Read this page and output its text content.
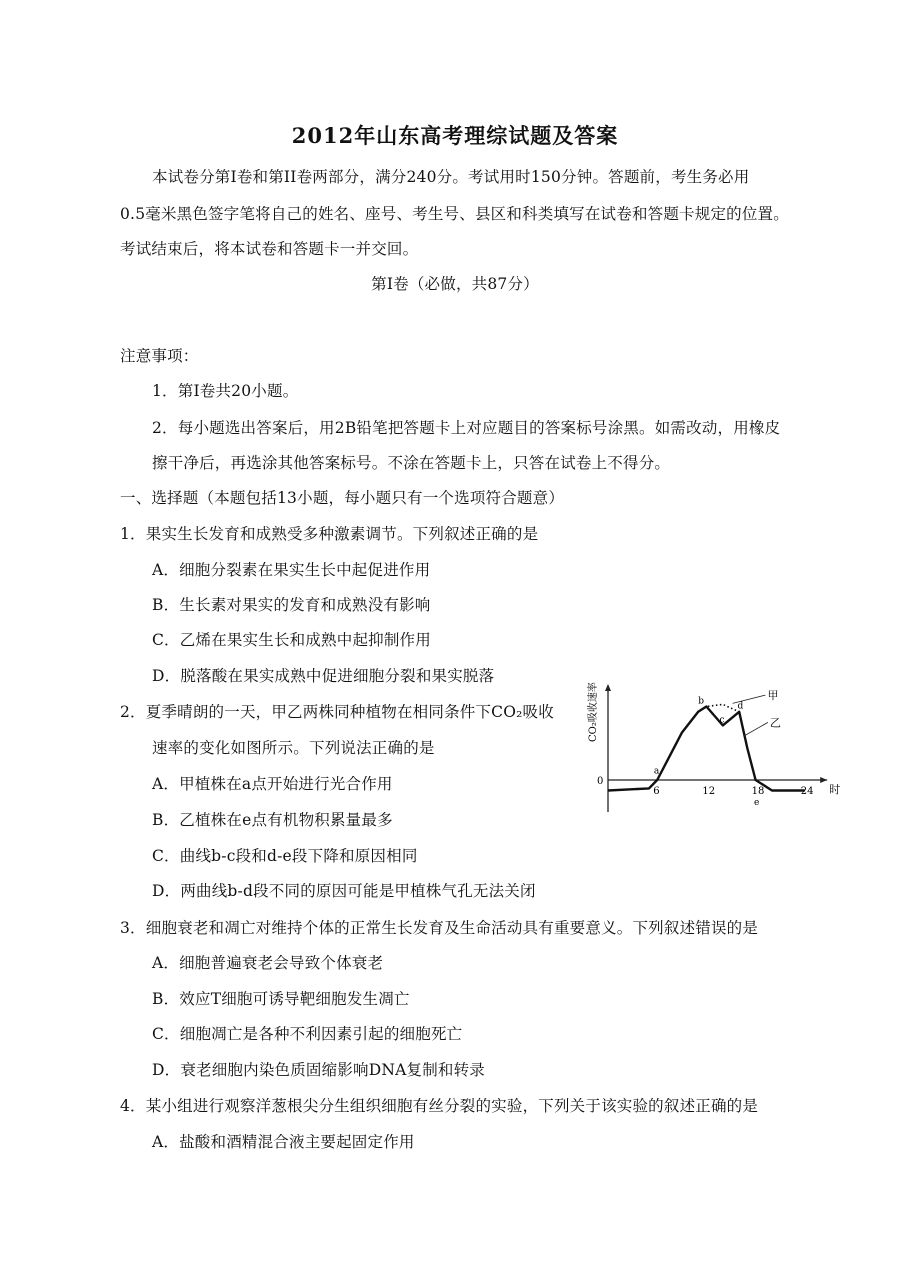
2012年山东高考理综试题及答案
本试卷分第I卷和第II卷两部分，满分240分。考试用时150分钟。答题前，考生务必用
0.5毫米黑色签字笔将自己的姓名、座号、考生号、县区和科类填写在试卷和答题卡规定的位置。
考试结束后，将本试卷和答题卡一并交回。
第I卷（必做，共87分）
注意事项：
1．第I卷共20小题。
2．每小题选出答案后，用2B铅笔把答题卡上对应题目的答案标号涂黑。如需改动，用橡皮
擦干净后，再选涂其他答案标号。不涂在答题卡上，只答在试卷上不得分。
一、选择题（本题包括13小题，每小题只有一个选项符合题意）
1．果实生长发育和成熟受多种激素调节。下列叙述正确的是
A．细胞分裂素在果实生长中起促进作用
B．生长素对果实的发育和成熟没有影响
C．乙烯在果实生长和成熟中起抑制作用
D．脱落酸在果实成熟中促进细胞分裂和果实脱落
2．夏季晴朗的一天，甲乙两株同种植物在相同条件下CO₂吸收
速率的变化如图所示。下列说法正确的是
A．甲植株在a点开始进行光合作用
B．乙植株在e点有机物积累量最多
C．曲线b-c段和d-e段下降和原因相同
D．两曲线b-d段不同的原因可能是甲植株气孔无法关闭
CO₂吸收速率
0
时
6	12	18	24
甲
乙
a
b
c
d
e
3．细胞衰老和凋亡对维持个体的正常生长发育及生命活动具有重要意义。下列叙述错误的是
A．细胞普遍衰老会导致个体衰老
B．效应T细胞可诱导靶细胞发生凋亡
C．细胞凋亡是各种不利因素引起的细胞死亡
D．衰老细胞内染色质固缩影响DNA复制和转录
4．某小组进行观察洋葱根尖分生组织细胞有丝分裂的实验，下列关于该实验的叙述正确的是
A．盐酸和酒精混合液主要起固定作用
